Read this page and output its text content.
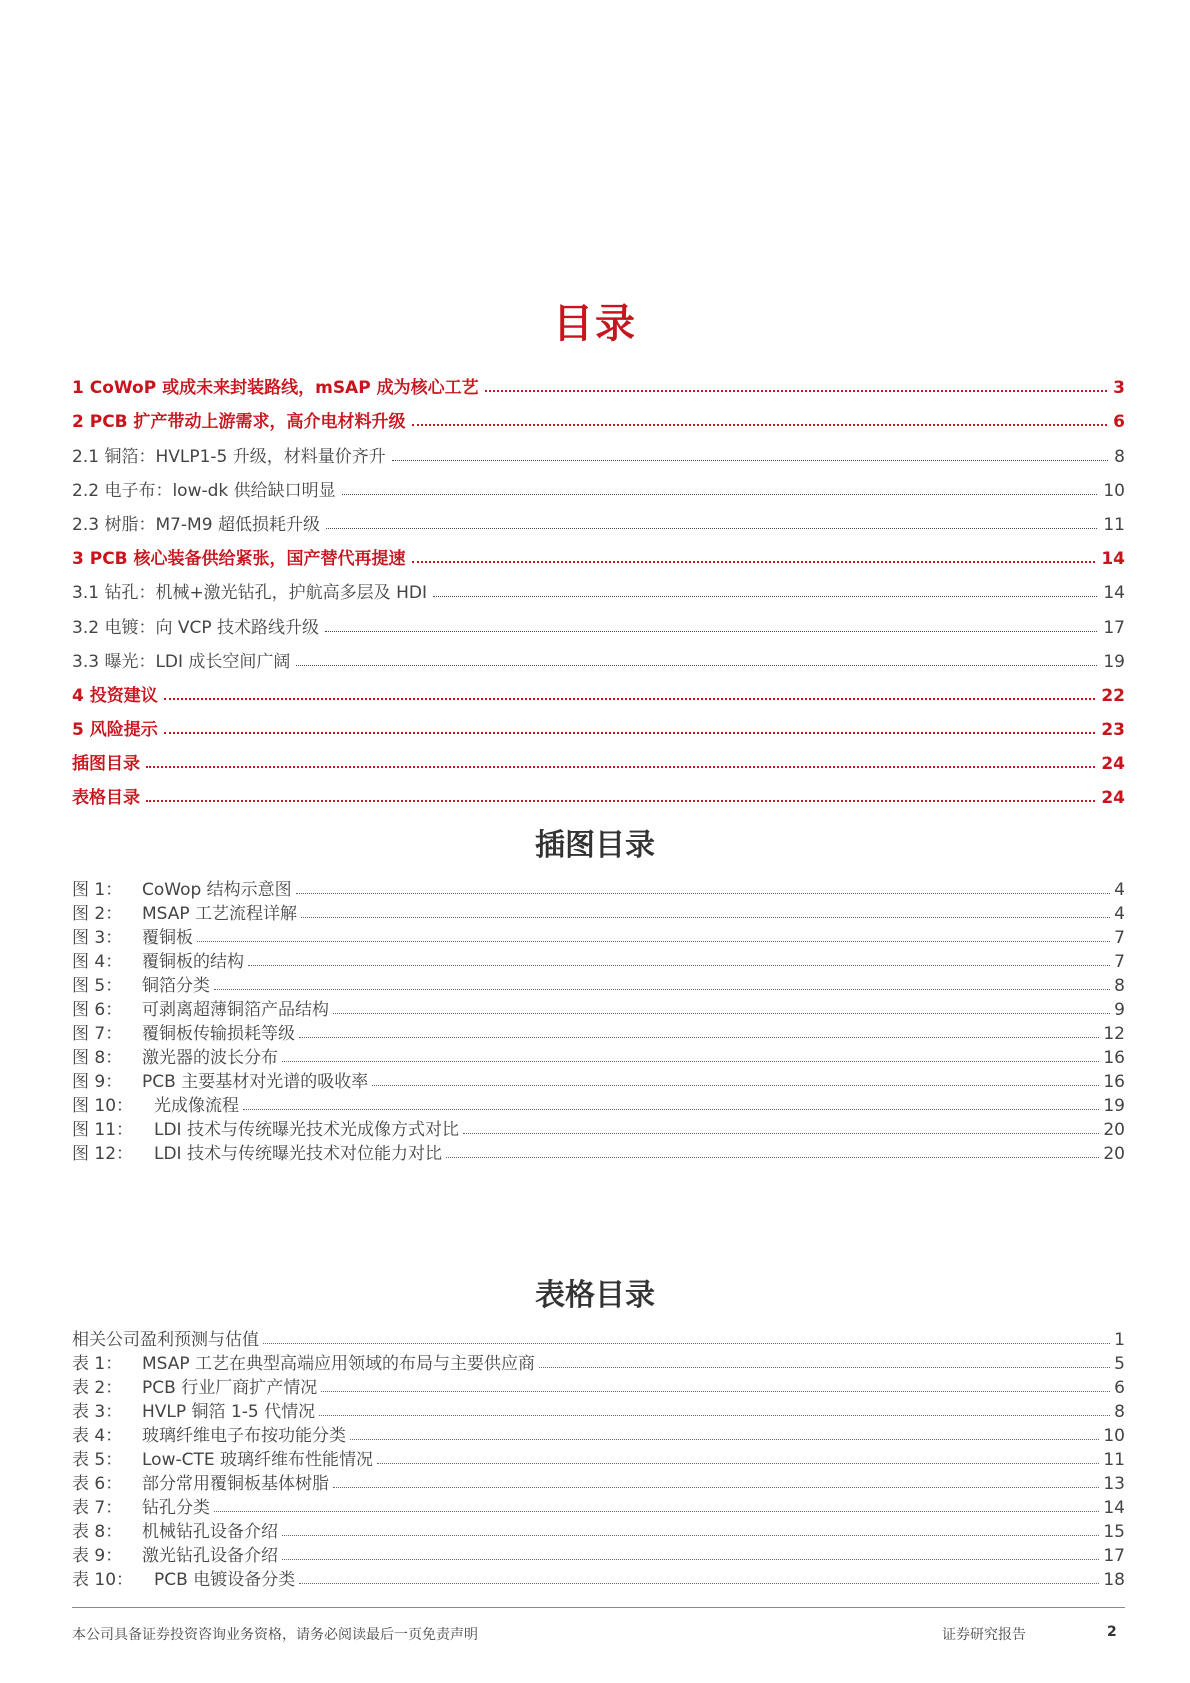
目录
1 CoWoP 或成未来封装路线，mSAP 成为核心工艺	3
2 PCB 扩产带动上游需求，高介电材料升级	6
2.1 铜箔：HVLP1-5 升级，材料量价齐升	8
2.2 电子布：low-dk 供给缺口明显	10
2.3 树脂：M7-M9 超低损耗升级	11
3 PCB 核心装备供给紧张，国产替代再提速	14
3.1 钻孔：机械+激光钻孔，护航高多层及 HDI	14
3.2 电镀：向 VCP 技术路线升级	17
3.3 曝光：LDI 成长空间广阔	19
4 投资建议	22
5 风险提示	23
插图目录	24
表格目录	24
插图目录
图 1：	CoWop 结构示意图	4
图 2：	MSAP 工艺流程详解	4
图 3：	覆铜板	7
图 4：	覆铜板的结构	7
图 5：	铜箔分类	8
图 6：	可剥离超薄铜箔产品结构	9
图 7：	覆铜板传输损耗等级	12
图 8：	激光器的波长分布	16
图 9：	PCB 主要基材对光谱的吸收率	16
图 10：	光成像流程	19
图 11：	LDI 技术与传统曝光技术光成像方式对比	20
图 12：	LDI 技术与传统曝光技术对位能力对比	20
表格目录
相关公司盈利预测与估值	1
表 1：	MSAP 工艺在典型高端应用领域的布局与主要供应商	5
表 2：	PCB 行业厂商扩产情况	6
表 3：	HVLP 铜箔 1-5 代情况	8
表 4：	玻璃纤维电子布按功能分类	10
表 5：	Low-CTE 玻璃纤维布性能情况	11
表 6：	部分常用覆铜板基体树脂	13
表 7：	钻孔分类	14
表 8：	机械钻孔设备介绍	15
表 9：	激光钻孔设备介绍	17
表 10：	PCB 电镀设备分类	18
本公司具备证券投资咨询业务资格，请务必阅读最后一页免责声明	证券研究报告	2
